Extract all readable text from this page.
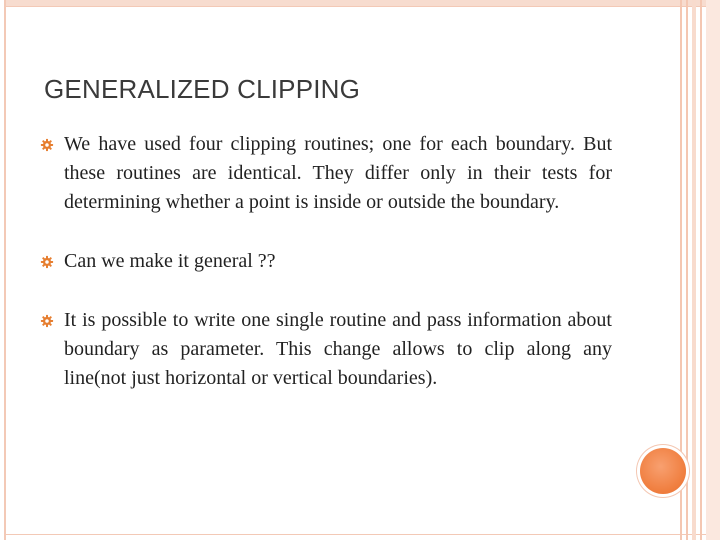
GENERALIZED CLIPPING
We have used four clipping routines; one for each boundary. But these routines are identical. They differ only in their tests for determining whether a point is inside or outside the boundary.
Can we make it general ??
It is possible to write one single routine and pass information about boundary as parameter. This change allows to clip along any line(not just horizontal or vertical boundaries).
